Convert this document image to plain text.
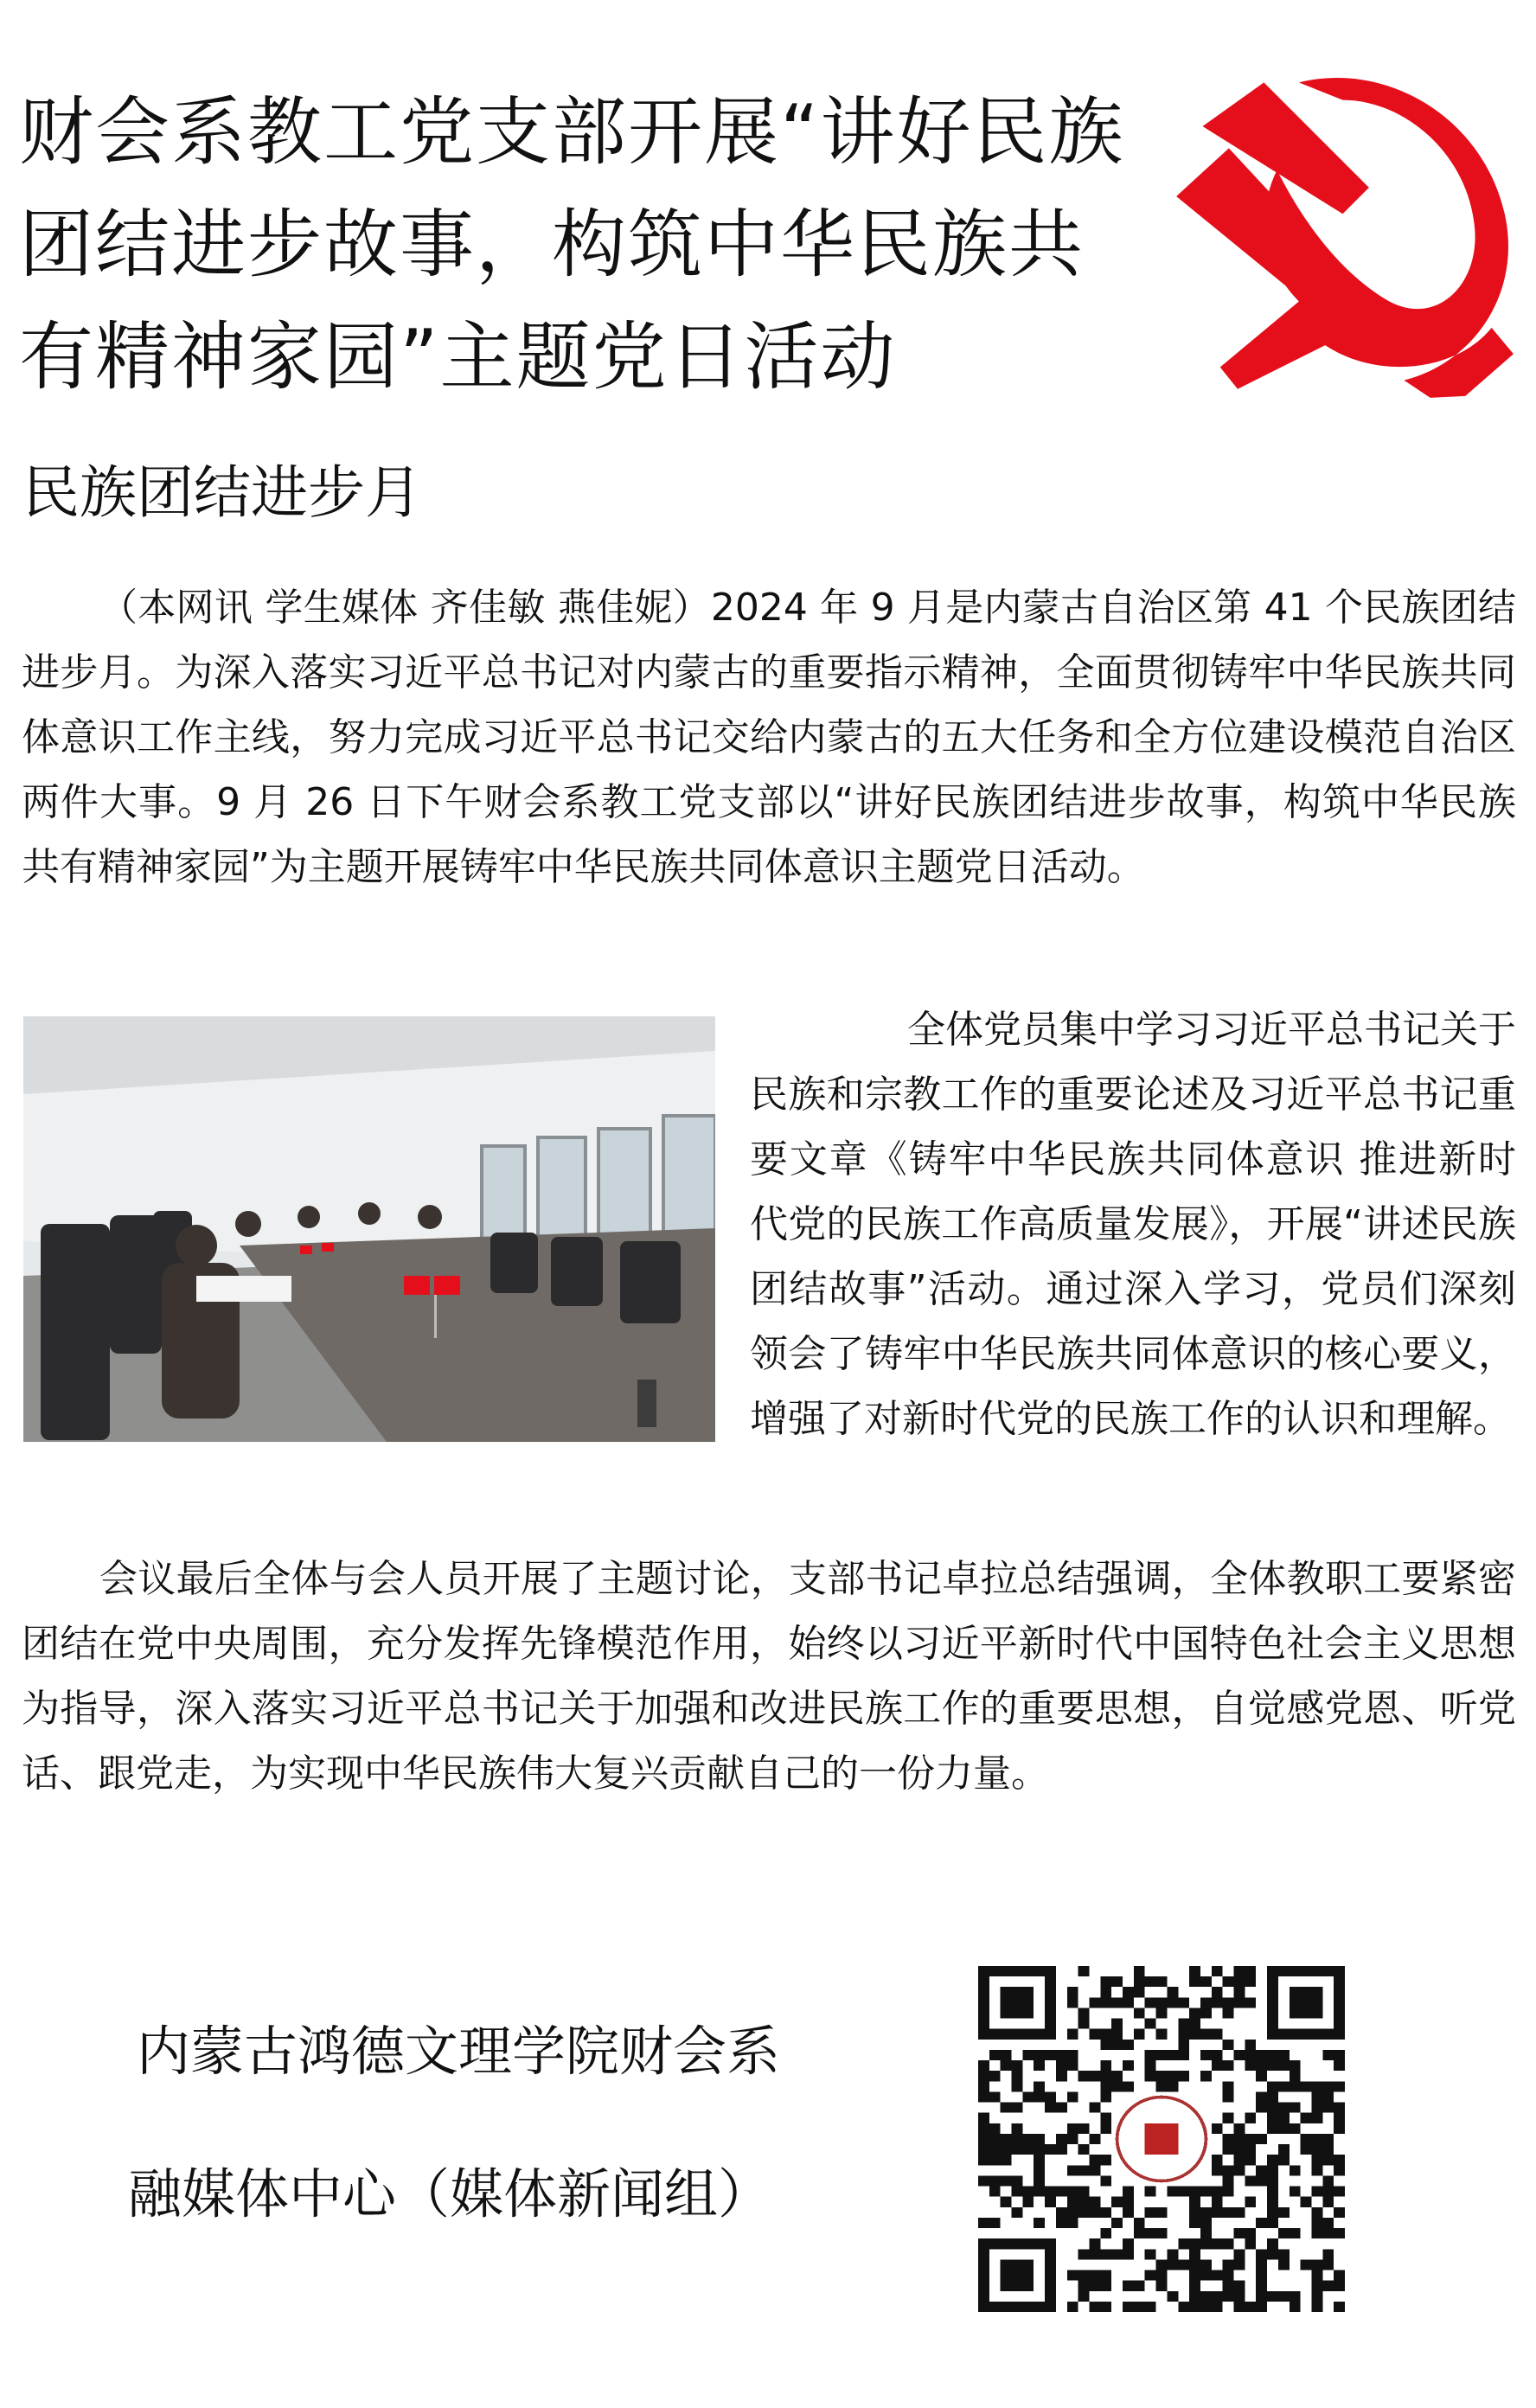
财会系教工党支部开展“讲好民族团结进步故事，构筑中华民族共有精神家园”主题党日活动
民族团结进步月

（本网讯 学生媒体 齐佳敏 燕佳妮）2024 年 9 月是内蒙古自治区第 41 个民族团结进步月。为深入落实习近平总书记对内蒙古的重要指示精神，全面贯彻铸牢中华民族共同体意识工作主线，努力完成习近平总书记交给内蒙古的五大任务和全方位建设模范自治区两件大事。9 月 26 日下午财会系教工党支部以“讲好民族团结进步故事，构筑中华民族共有精神家园”为主题开展铸牢中华民族共同体意识主题党日活动。

全体党员集中学习习近平总书记关于民族和宗教工作的重要论述及习近平总书记重要文章《铸牢中华民族共同体意识 推进新时代党的民族工作高质量发展》，开展“讲述民族团结故事”活动。通过深入学习，党员们深刻领会了铸牢中华民族共同体意识的核心要义，增强了对新时代党的民族工作的认识和理解。

会议最后全体与会人员开展了主题讨论，支部书记卓拉总结强调，全体教职工要紧密团结在党中央周围，充分发挥先锋模范作用，始终以习近平新时代中国特色社会主义思想为指导，深入落实习近平总书记关于加强和改进民族工作的重要思想，自觉感党恩、听党话、跟党走，为实现中华民族伟大复兴贡献自己的一份力量。

内蒙古鸿德文理学院财会系

融媒体中心（媒体新闻组）
